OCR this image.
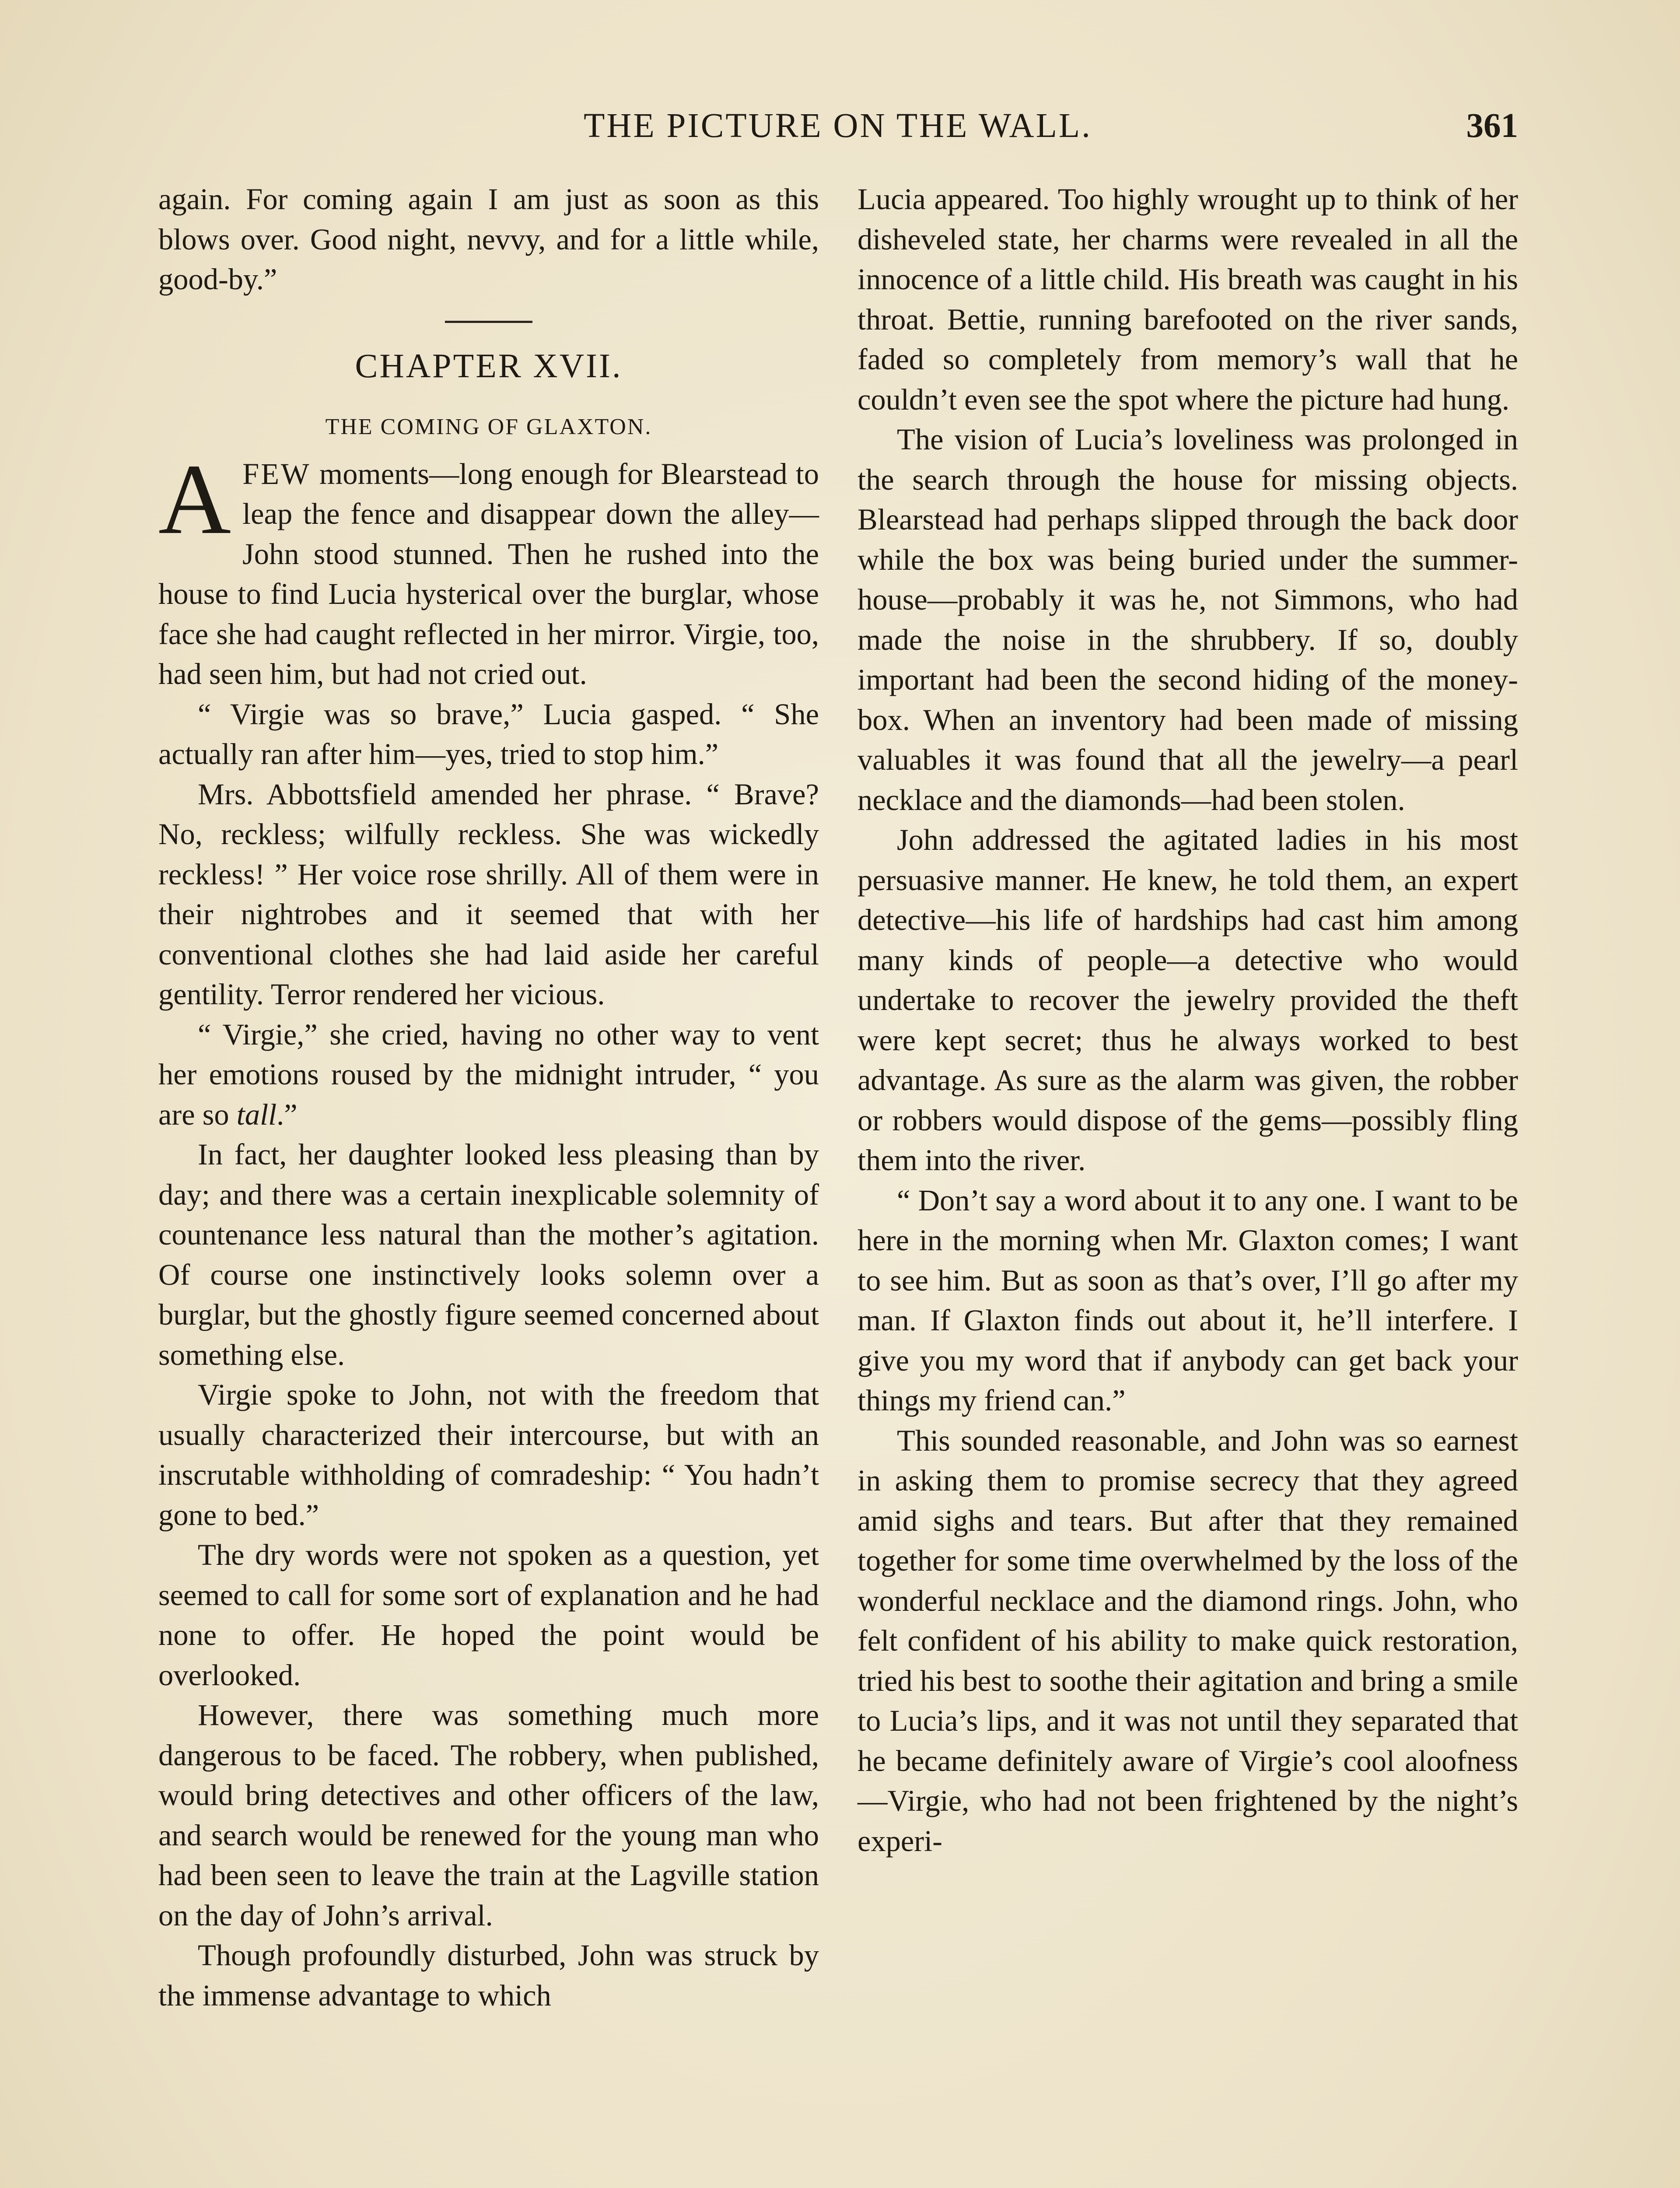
THE PICTURE ON THE WALL.	361

again. For coming again I am just as soon as this blows over. Good night, nevvy, and for a little while, good-by.”

CHAPTER XVII.
THE COMING OF GLAXTON.

AFEW moments—long enough for Blearstead to leap the fence and disappear down the alley—John stood stunned. Then he rushed into the house to find Lucia hysterical over the burglar, whose face she had caught reflected in her mirror. Virgie, too, had seen him, but had not cried out.

“ Virgie was so brave,” Lucia gasped. “ She actually ran after him—yes, tried to stop him.”

Mrs. Abbottsfield amended her phrase. “ Brave? No, reckless; wilfully reckless. She was wickedly reckless! ” Her voice rose shrilly. All of them were in their nightrobes and it seemed that with her conventional clothes she had laid aside her careful gentility. Terror rendered her vicious.

“ Virgie,” she cried, having no other way to vent her emotions roused by the midnight intruder, “ you are so tall.”

In fact, her daughter looked less pleasing than by day; and there was a certain inexplicable solemnity of countenance less natural than the mother’s agitation. Of course one instinctively looks solemn over a burglar, but the ghostly figure seemed concerned about something else.

Virgie spoke to John, not with the freedom that usually characterized their intercourse, but with an inscrutable withholding of comradeship: “ You hadn’t gone to bed.”

The dry words were not spoken as a question, yet seemed to call for some sort of explanation and he had none to offer. He hoped the point would be overlooked.

However, there was something much more dangerous to be faced. The robbery, when published, would bring detectives and other officers of the law, and search would be renewed for the young man who had been seen to leave the train at the Lagville station on the day of John’s arrival.

Though profoundly disturbed, John was struck by the immense advantage to which

Lucia appeared. Too highly wrought up to think of her disheveled state, her charms were revealed in all the innocence of a little child. His breath was caught in his throat. Bettie, running barefooted on the river sands, faded so completely from memory’s wall that he couldn’t even see the spot where the picture had hung.

The vision of Lucia’s loveliness was prolonged in the search through the house for missing objects. Blearstead had perhaps slipped through the back door while the box was being buried under the summer-house—probably it was he, not Simmons, who had made the noise in the shrubbery. If so, doubly important had been the second hiding of the money-box. When an inventory had been made of missing valuables it was found that all the jewelry—a pearl necklace and the diamonds—had been stolen.

John addressed the agitated ladies in his most persuasive manner. He knew, he told them, an expert detective—his life of hardships had cast him among many kinds of people—a detective who would undertake to recover the jewelry provided the theft were kept secret; thus he always worked to best advantage. As sure as the alarm was given, the robber or robbers would dispose of the gems—possibly fling them into the river.

“ Don’t say a word about it to any one. I want to be here in the morning when Mr. Glaxton comes; I want to see him. But as soon as that’s over, I’ll go after my man. If Glaxton finds out about it, he’ll interfere. I give you my word that if anybody can get back your things my friend can.”

This sounded reasonable, and John was so earnest in asking them to promise secrecy that they agreed amid sighs and tears. But after that they remained together for some time overwhelmed by the loss of the wonderful necklace and the diamond rings. John, who felt confident of his ability to make quick restoration, tried his best to soothe their agitation and bring a smile to Lucia’s lips, and it was not until they separated that he became definitely aware of Virgie’s cool aloofness—Virgie, who had not been frightened by the night’s experi-
